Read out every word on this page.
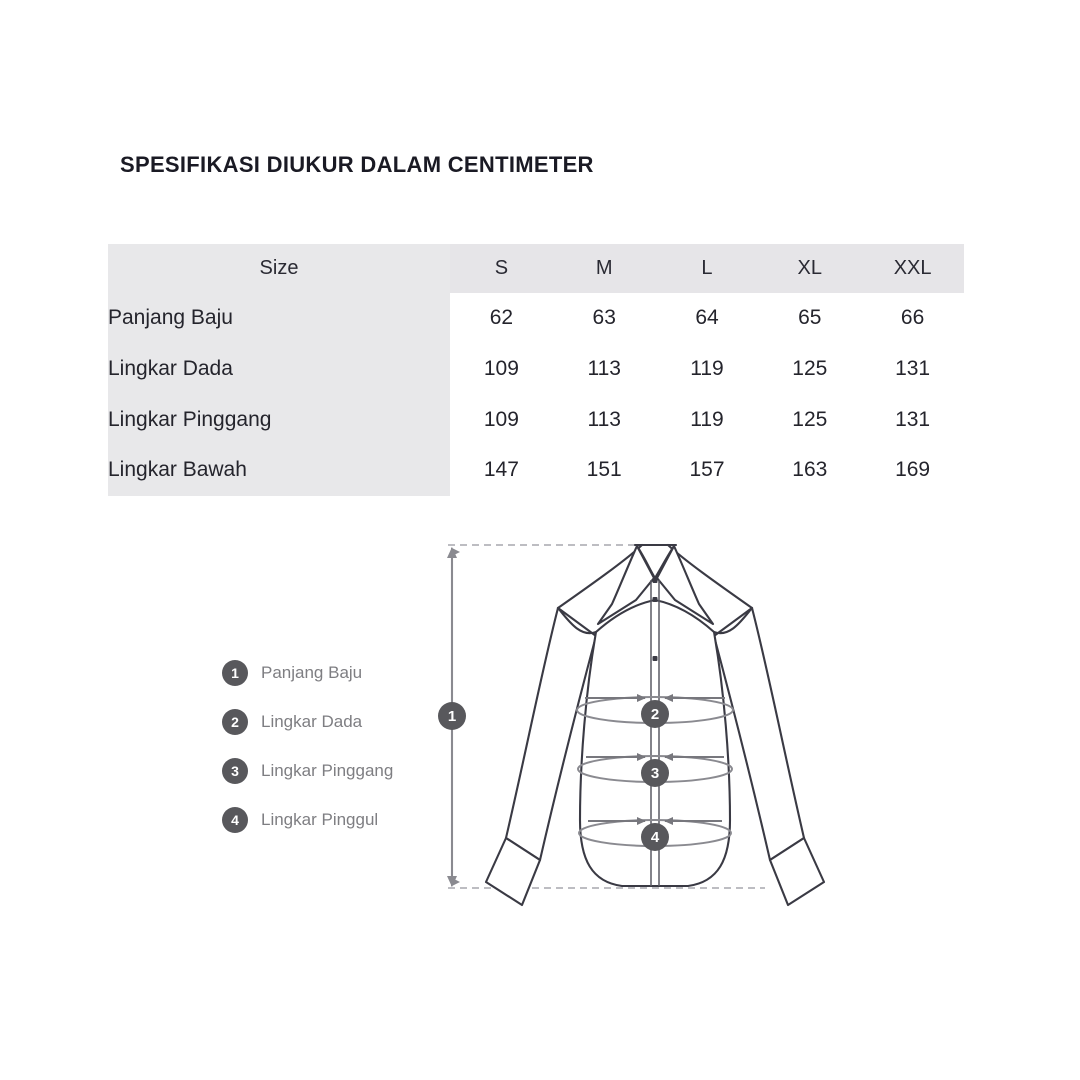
SPESIFIKASI DIUKUR DALAM CENTIMETER
Size	S	M	L	XL	XXL
Panjang Baju	62	63	64	65	66
Lingkar Dada	109	113	119	125	131
Lingkar Pinggang	109	113	119	125	131
Lingkar Bawah	147	151	157	163	169
1	Panjang Baju
2	Lingkar Dada
3	Lingkar Pinggang
4	Lingkar Pinggul
2
3
4
1
